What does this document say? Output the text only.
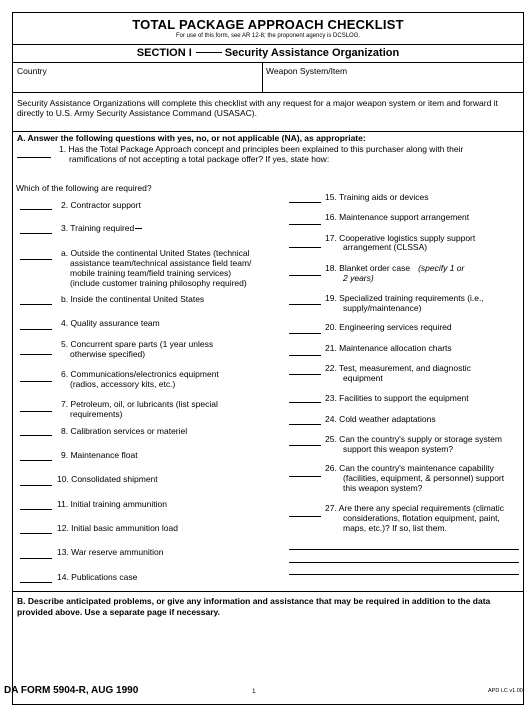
TOTAL PACKAGE APPROACH CHECKLIST
For use of this form, see AR 12-8; the proponent agency is DCSLOG.
SECTION I	Security Assistance Organization
Country	Weapon System/Item
Security Assistance Organizations will complete this checklist with any request for a major weapon system or item and forward it directly to U.S. Army Security Assistance Command (USASAC).
A. Answer the following questions with yes, no, or not applicable (NA), as appropriate:
1. Has the Total Package Approach concept and principles been explained to this purchaser along with their
ramifications of not accepting a total package offer? If yes, state how:
Which of the following are required?
2. Contractor support
3. Training required
a. Outside the continental United States (technical
assistance team/technical assistance field team/
mobile training team/field training services)
(include customer training philosophy required)
b. Inside the continental United States
4. Quality assurance team
5. Concurrent spare parts (1 year unless
otherwise specified)
6. Communications/electronics equipment
(radios, accessory kits, etc.)
7. Petroleum, oil, or lubricants (list special
requirements)
8. Calibration services or materiel
9. Maintenance float
10. Consolidated shipment
11. Initial training ammunition
12. Initial basic ammunition load
13. War reserve ammunition
14. Publications case
15. Training aids or devices
16. Maintenance support arrangement
17. Cooperative logistics supply support
arrangement (CLSSA)
18. Blanket order case (specify 1 or
2 years)
19. Specialized training requirements (i.e.,
supply/maintenance)
20. Engineering services required
21. Maintenance allocation charts
22. Test, measurement, and diagnostic
equipment
23. Facilities to support the equipment
24. Cold weather adaptations
25. Can the country's supply or storage system
support this weapon system?
26. Can the country's maintenance capability
(facilities, equipment, & personnel) support
this weapon system?
27. Are there any special requirements (climatic
considerations, flotation equipment, paint,
maps, etc.)? If so, list them.
B. Describe anticipated problems, or give any information and assistance that may be required in addition to the data
provided above. Use a separate page if necessary.
DA FORM 5904-R, AUG 1990	1	APD LC v1.00
